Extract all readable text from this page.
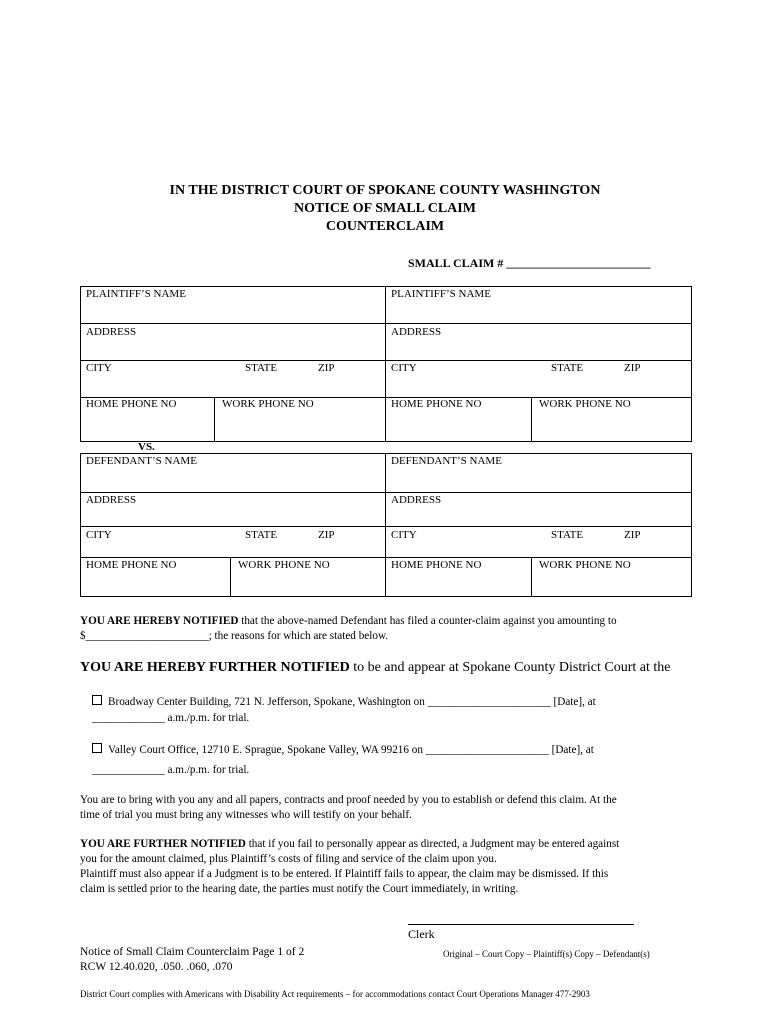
IN THE DISTRICT COURT OF SPOKANE COUNTY WASHINGTON
NOTICE OF SMALL CLAIM
COUNTERCLAIM
SMALL CLAIM # ________________________
PLAINTIFF’S NAME	PLAINTIFF’S NAME
ADDRESS	ADDRESS
CITY	STATE	ZIP	CITY	STATE	ZIP
HOME PHONE NO	WORK PHONE NO	HOME PHONE NO	WORK PHONE NO
VS.
DEFENDANT’S NAME	DEFENDANT’S NAME
ADDRESS	ADDRESS
CITY	STATE	ZIP	CITY	STATE	ZIP
HOME PHONE NO	WORK PHONE NO	HOME PHONE NO	WORK PHONE NO
YOU ARE HEREBY NOTIFIED that the above-named Defendant has filed a counter-claim against you amounting to
$______________________; the reasons for which are stated below.
YOU ARE HEREBY FURTHER NOTIFIED to be and appear at Spokane County District Court at the
Broadway Center Building, 721 N. Jefferson, Spokane, Washington on ______________________ [Date], at
_____________ a.m./p.m. for trial.
Valley Court Office, 12710 E. Sprague, Spokane Valley, WA 99216 on ______________________ [Date], at
_____________ a.m./p.m. for trial.
You are to bring with you any and all papers, contracts and proof needed by you to establish or defend this claim. At the
time of trial you must bring any witnesses who will testify on your behalf.
YOU ARE FURTHER NOTIFIED that if you fail to personally appear as directed, a Judgment may be entered against
you for the amount claimed, plus Plaintiff’s costs of filing and service of the claim upon you.
Plaintiff must also appear if a Judgment is to be entered. If Plaintiff fails to appear, the claim may be dismissed. If this
claim is settled prior to the hearing date, the parties must notify the Court immediately, in writing.
Clerk
Notice of Small Claim Counterclaim Page 1 of 2
RCW 12.40.020, .050. .060, .070
Original – Court Copy – Plaintiff(s) Copy – Defendant(s)
District Court complies with Americans with Disability Act requirements – for accommodations contact Court Operations Manager 477-2903
